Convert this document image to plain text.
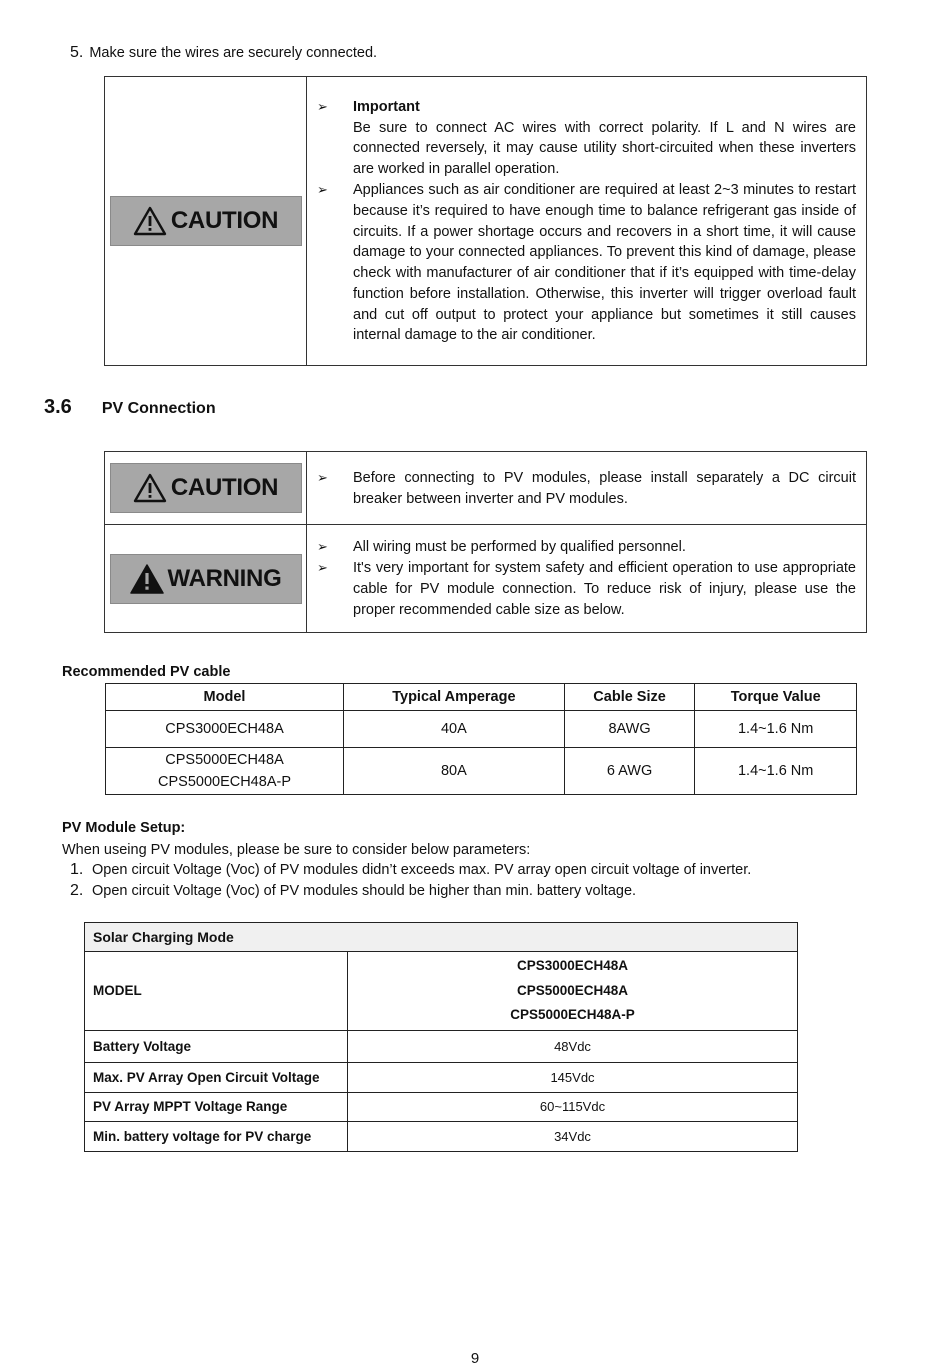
5. Make sure the wires are securely connected.
CAUTION

➢	Important
Be sure to connect AC wires with correct polarity. If L and N wires are connected reversely, it may cause utility short-circuited when these inverters are worked in parallel operation.
➢	Appliances such as air conditioner are required at least 2~3 minutes to restart because it’s required to have enough time to balance refrigerant gas inside of circuits. If a power shortage occurs and recovers in a short time, it will cause damage to your connected appliances. To prevent this kind of damage, please check with manufacturer of air conditioner that if it’s equipped with time-delay function before installation. Otherwise, this inverter will trigger overload fault and cut off output to protect your appliance but sometimes it still causes internal damage to the air conditioner.
3.6 PV Connection
CAUTION	➢ Before connecting to PV modules, please install separately a DC circuit breaker between inverter and PV modules.

WARNING	➢ All wiring must be performed by qualified personnel.
➢ It's very important for system safety and efficient operation to use appropriate cable for PV module connection. To reduce risk of injury, please use the proper recommended cable size as below.
Recommended PV cable
Model	Typical Amperage	Cable Size	Torque Value
CPS3000ECH48A	40A	8AWG	1.4~1.6 Nm
CPS5000ECH48A
CPS5000ECH48A-P	80A	6 AWG	1.4~1.6 Nm
PV Module Setup:
When useing PV modules, please be sure to consider below parameters:
1. Open circuit Voltage (Voc) of PV modules didn’t exceeds max. PV array open circuit voltage of inverter.
2. Open circuit Voltage (Voc) of PV modules should be higher than min. battery voltage.
Solar Charging Mode	
MODEL	CPS3000ECH48A
CPS5000ECH48A
CPS5000ECH48A-P

Battery Voltage	48Vdc
Max. PV Array Open Circuit Voltage	145Vdc
PV Array MPPT Voltage Range	60~115Vdc
Min. battery voltage for PV charge	34Vdc
9
